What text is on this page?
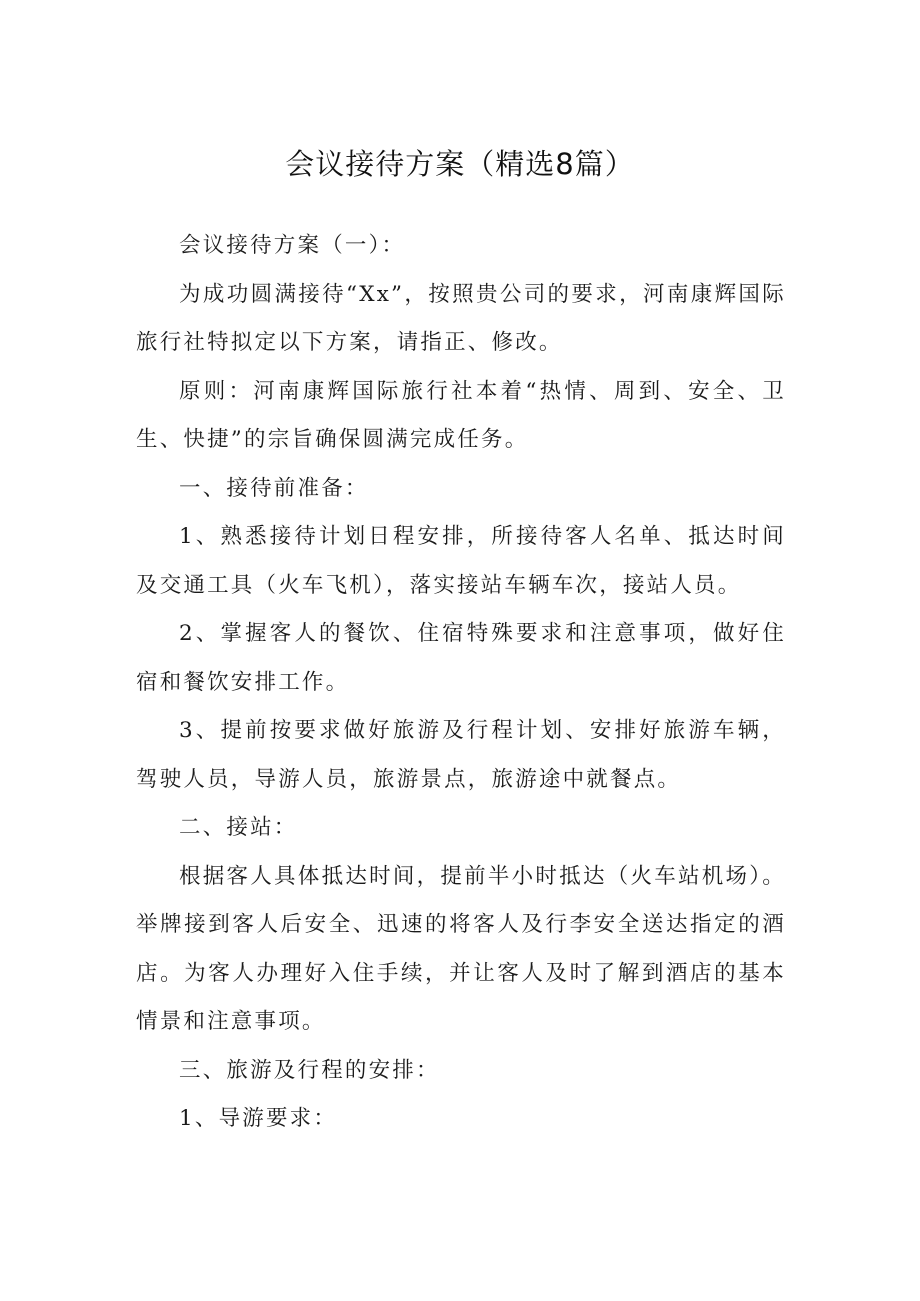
会议接待方案（精选8篇）

会议接待方案（一）：

为成功圆满接待“Xx”，按照贵公司的要求，河南康辉国际旅行社特拟定以下方案，请指正、修改。

原则：河南康辉国际旅行社本着“热情、周到、安全、卫生、快捷”的宗旨确保圆满完成任务。

一、接待前准备：

1、熟悉接待计划日程安排，所接待客人名单、抵达时间及交通工具（火车飞机），落实接站车辆车次，接站人员。

2、掌握客人的餐饮、住宿特殊要求和注意事项，做好住宿和餐饮安排工作。

3、提前按要求做好旅游及行程计划、安排好旅游车辆，驾驶人员，导游人员，旅游景点，旅游途中就餐点。

二、接站：

根据客人具体抵达时间，提前半小时抵达（火车站机场）。举牌接到客人后安全、迅速的将客人及行李安全送达指定的酒店。为客人办理好入住手续，并让客人及时了解到酒店的基本情景和注意事项。

三、旅游及行程的安排：

1、导游要求：
